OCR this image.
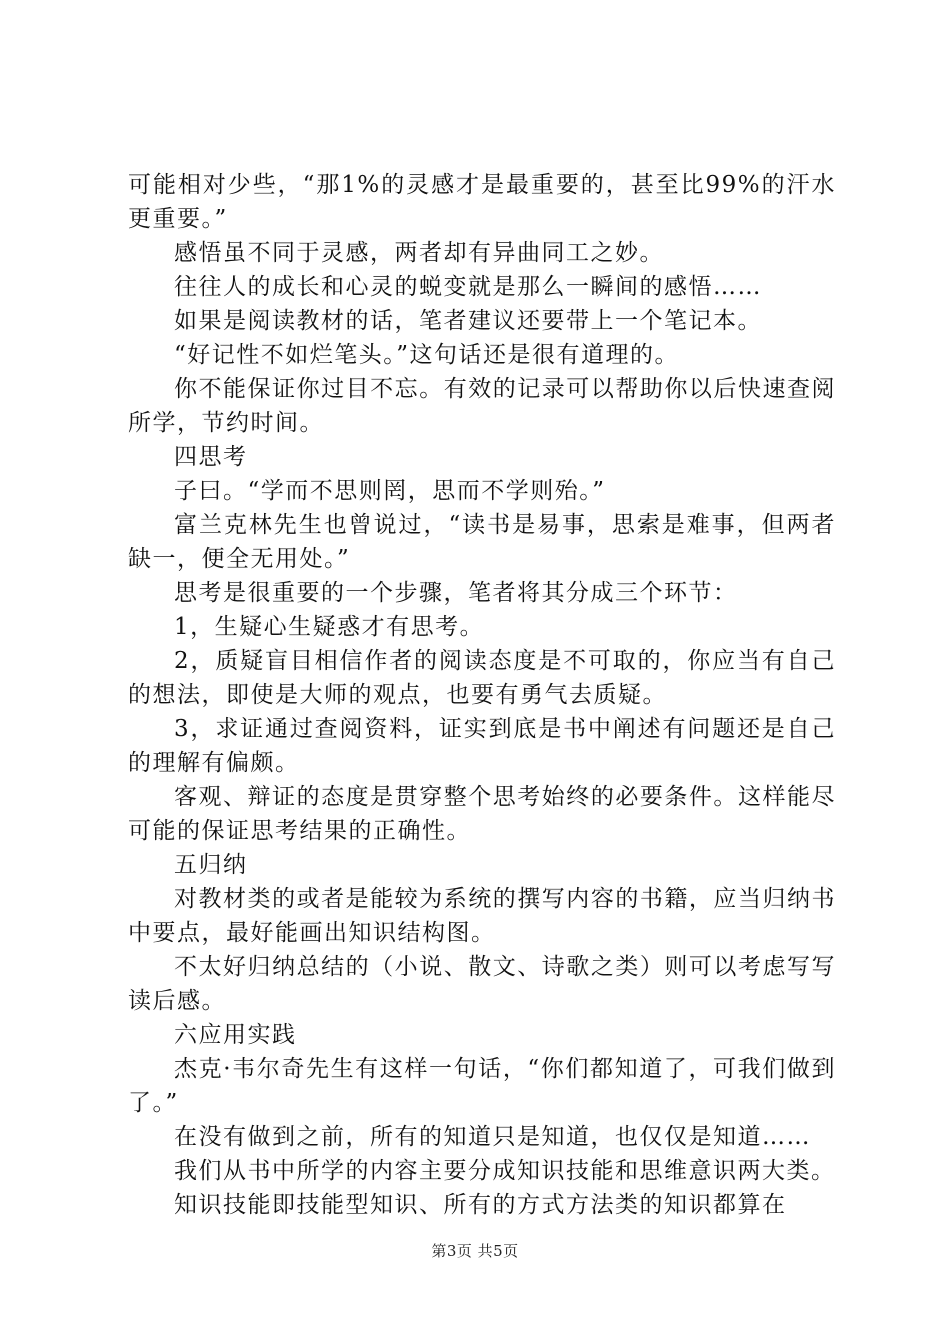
可能相对少些，“那1%的灵感才是最重要的，甚至比99%的汗水更重要。”

感悟虽不同于灵感，两者却有异曲同工之妙。

往往人的成长和心灵的蜕变就是那么一瞬间的感悟……

如果是阅读教材的话，笔者建议还要带上一个笔记本。

“好记性不如烂笔头。”这句话还是很有道理的。

你不能保证你过目不忘。有效的记录可以帮助你以后快速查阅所学，节约时间。

四思考

子曰。“学而不思则罔，思而不学则殆。”

富兰克林先生也曾说过，“读书是易事，思索是难事，但两者缺一，便全无用处。”

思考是很重要的一个步骤，笔者将其分成三个环节：

1，生疑心生疑惑才有思考。

2，质疑盲目相信作者的阅读态度是不可取的，你应当有自己的想法，即使是大师的观点，也要有勇气去质疑。

3，求证通过查阅资料，证实到底是书中阐述有问题还是自己的理解有偏颇。

客观、辩证的态度是贯穿整个思考始终的必要条件。这样能尽可能的保证思考结果的正确性。

五归纳

对教材类的或者是能较为系统的撰写内容的书籍，应当归纳书中要点，最好能画出知识结构图。

不太好归纳总结的（小说、散文、诗歌之类）则可以考虑写写读后感。

六应用实践

杰克·韦尔奇先生有这样一句话，“你们都知道了，可我们做到了。”

在没有做到之前，所有的知道只是知道，也仅仅是知道……

我们从书中所学的内容主要分成知识技能和思维意识两大类。

知识技能即技能型知识、所有的方式方法类的知识都算在

第3页 共5页
